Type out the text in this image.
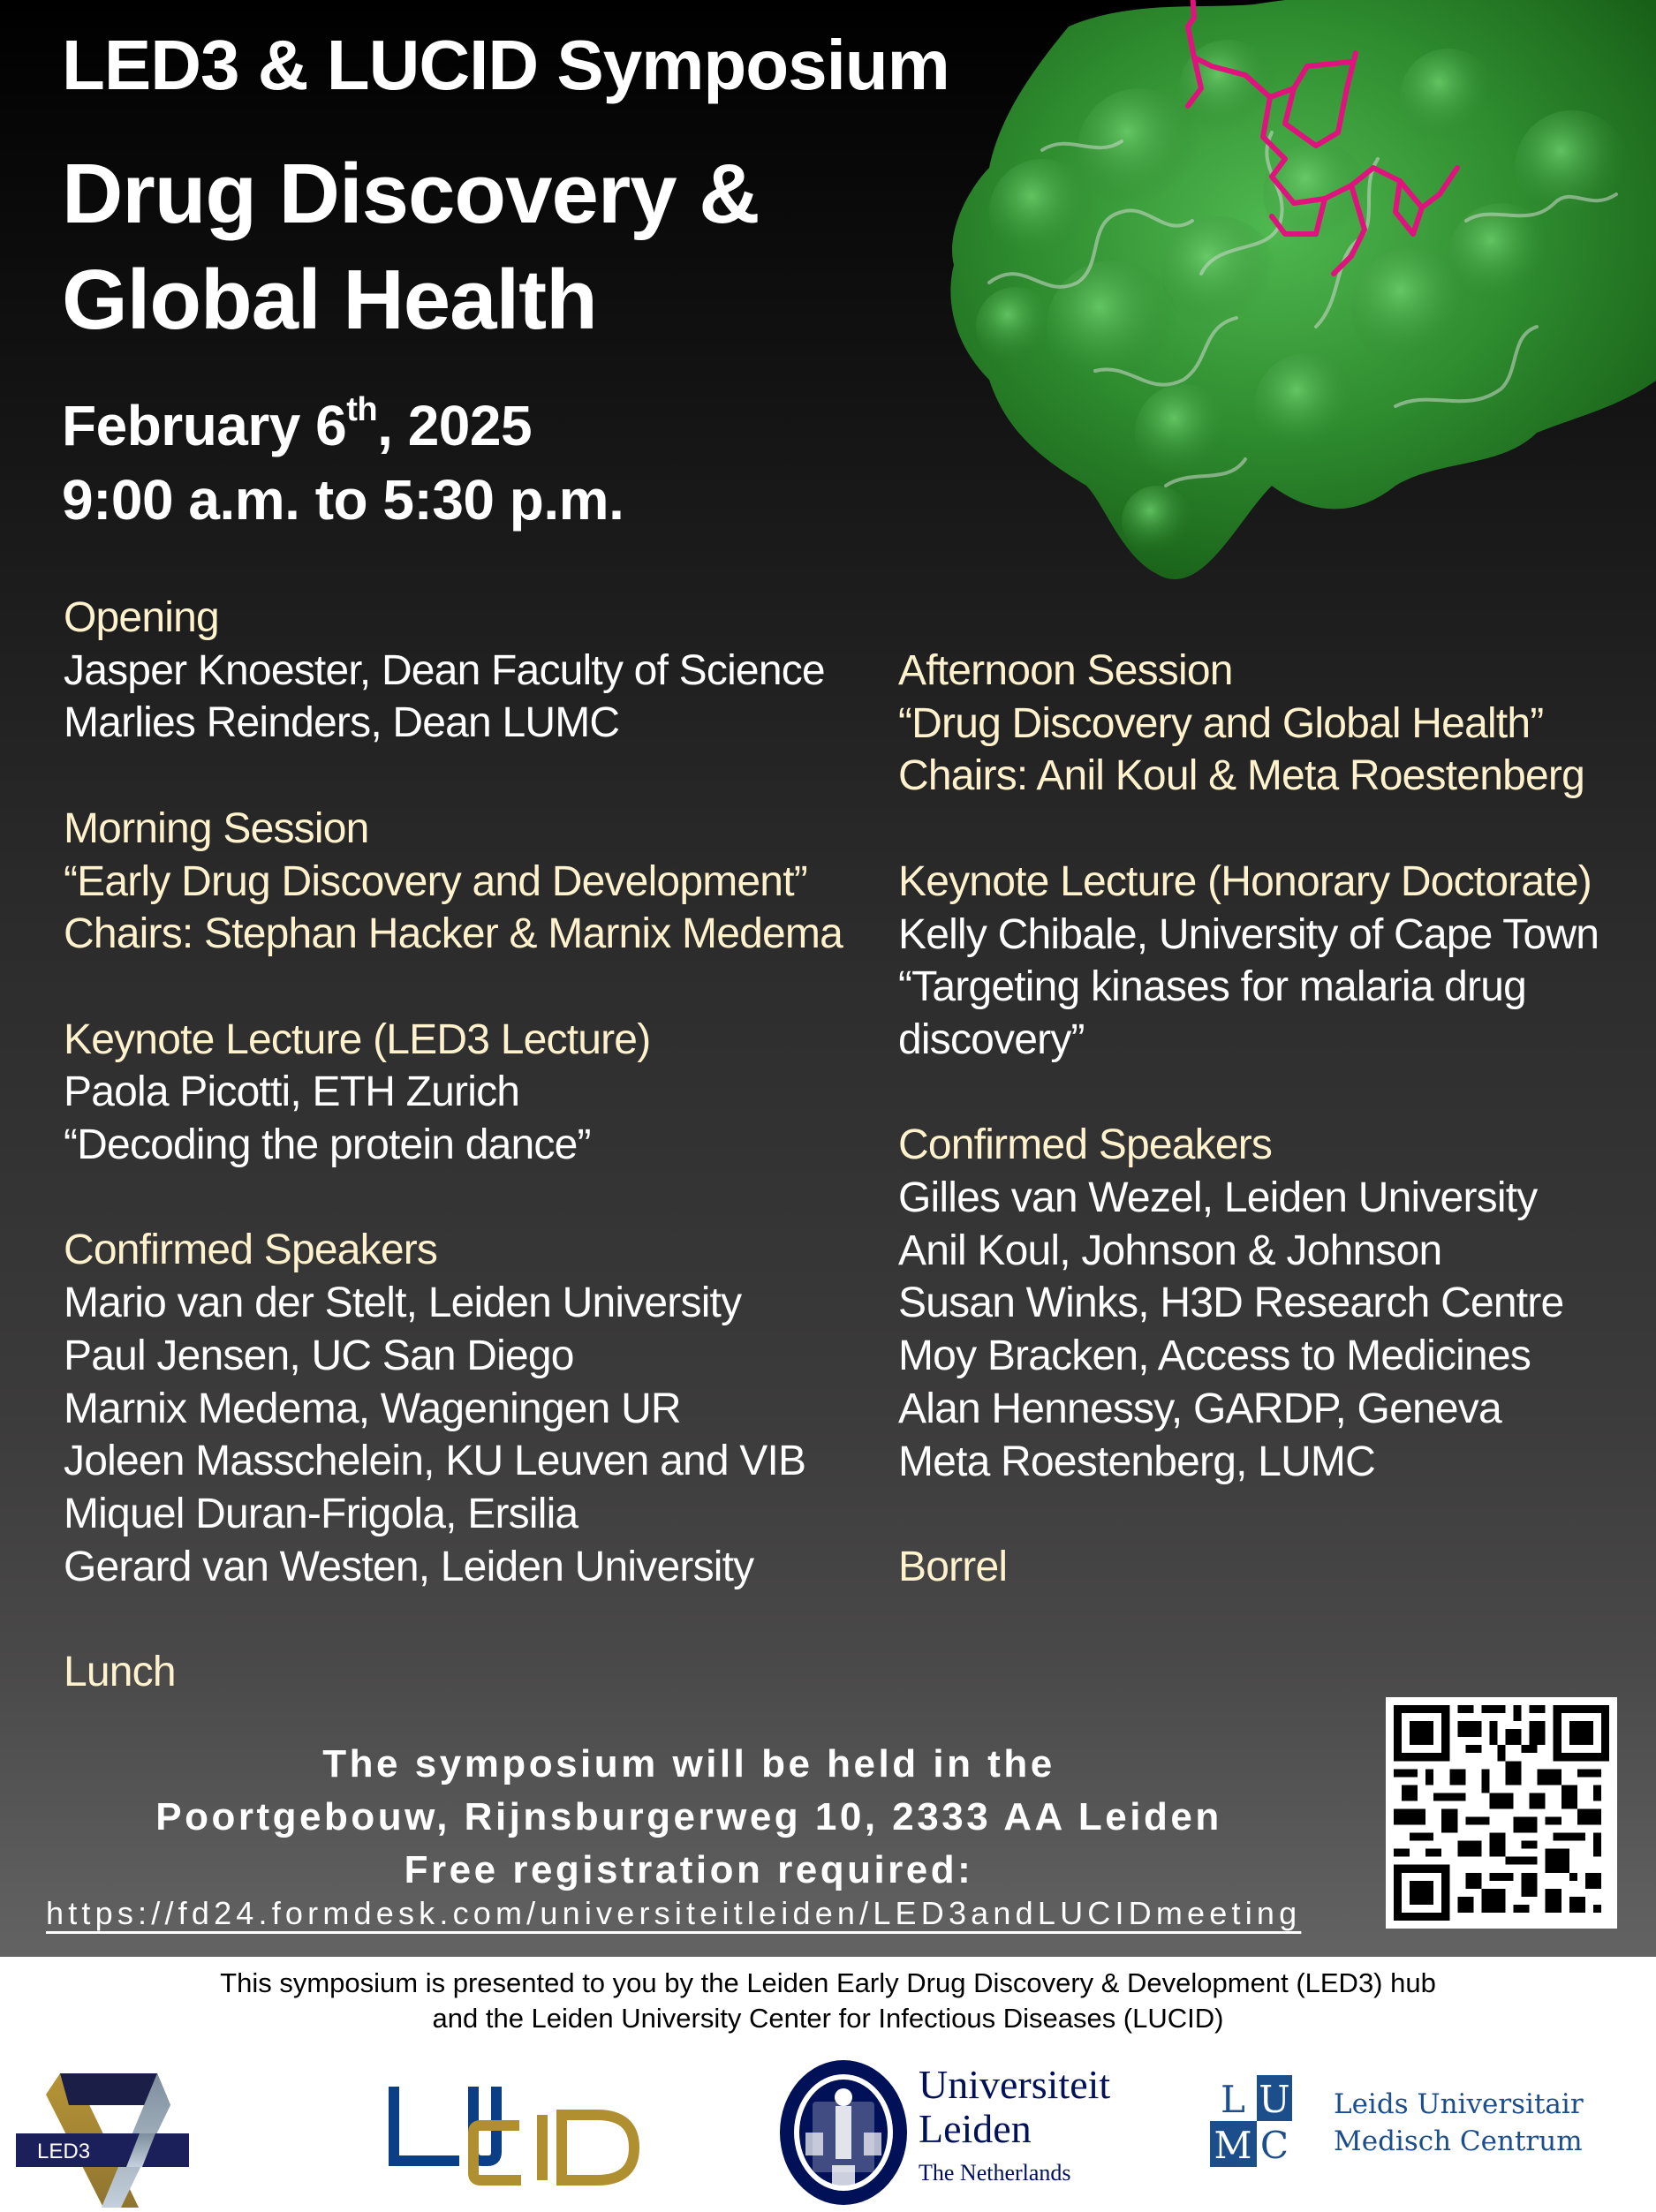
LED3 & LUCID Symposium
Drug Discovery &
Global Health
February 6th, 2025
9:00 a.m. to 5:30 p.m.
Opening
Jasper Knoester, Dean Faculty of Science
Marlies Reinders, Dean LUMC
Morning Session
“Early Drug Discovery and Development”
Chairs: Stephan Hacker & Marnix Medema
Keynote Lecture (LED3 Lecture)
Paola Picotti, ETH Zurich
“Decoding the protein dance”
Confirmed Speakers
Mario van der Stelt, Leiden University
Paul Jensen, UC San Diego
Marnix Medema, Wageningen UR
Joleen Masschelein, KU Leuven and VIB
Miquel Duran-Frigola, Ersilia
Gerard van Westen, Leiden University
Lunch
Afternoon Session
“Drug Discovery and Global Health”
Chairs: Anil Koul & Meta Roestenberg
Keynote Lecture (Honorary Doctorate)
Kelly Chibale, University of Cape Town
“Targeting kinases for malaria drug
discovery”
Confirmed Speakers
Gilles van Wezel, Leiden University
Anil Koul, Johnson & Johnson
Susan Winks, H3D Research Centre
Moy Bracken, Access to Medicines
Alan Hennessy, GARDP, Geneva
Meta Roestenberg, LUMC
Borrel
The symposium will be held in the
Poortgebouw, Rijnsburgerweg 10, 2333 AA Leiden
Free registration required:
https://fd24.formdesk.com/universiteitleiden/LED3andLUCIDmeeting
This symposium is presented to you by the Leiden Early Drug Discovery & Development (LED3) hub
and the Leiden University Center for Infectious Diseases (LUCID)
LED3
Universiteit
Leiden
The Netherlands
L U
M C
Leids Universitair
Medisch Centrum
